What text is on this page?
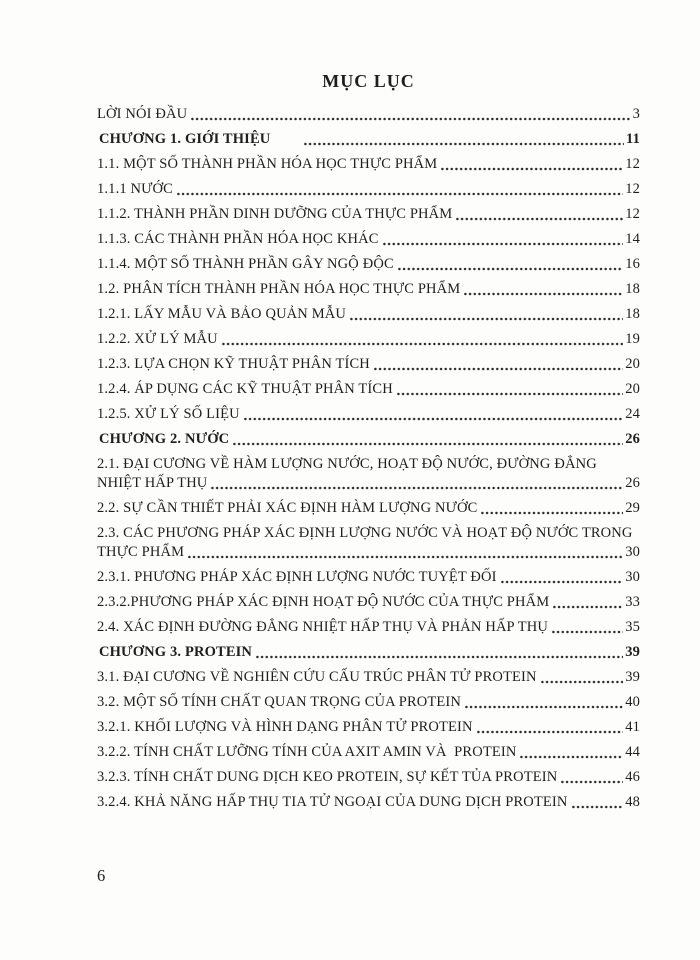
MỤC LỤC
LỜI NÓI ĐẦU	3
CHƯƠNG 1. GIỚI THIỆU	11
1.1. MỘT SỐ THÀNH PHẦN HÓA HỌC THỰC PHẨM	12
1.1.1 NƯỚC	12
1.1.2. THÀNH PHẦN DINH DƯỠNG CỦA THỰC PHẨM	12
1.1.3. CÁC THÀNH PHẦN HÓA HỌC KHÁC	14
1.1.4. MỘT SỐ THÀNH PHẦN GÂY NGỘ ĐỘC	16
1.2. PHÂN TÍCH THÀNH PHẦN HÓA HỌC THỰC PHẨM	18
1.2.1. LẤY MẪU VÀ BẢO QUẢN MẪU	18
1.2.2. XỬ LÝ MẪU	19
1.2.3. LỰA CHỌN KỸ THUẬT PHÂN TÍCH	20
1.2.4. ÁP DỤNG CÁC KỸ THUẬT PHÂN TÍCH	20
1.2.5. XỬ LÝ SỐ LIỆU	24
CHƯƠNG 2. NƯỚC	26
2.1. ĐẠI CƯƠNG VỀ HÀM LƯỢNG NƯỚC, HOẠT ĐỘ NƯỚC, ĐƯỜNG ĐẲNG
NHIỆT HẤP THỤ	26
2.2. SỰ CẦN THIẾT PHẢI XÁC ĐỊNH HÀM LƯỢNG NƯỚC	29
2.3. CÁC PHƯƠNG PHÁP XÁC ĐỊNH LƯỢNG NƯỚC VÀ HOẠT ĐỘ NƯỚC TRONG
THỰC PHẨM	30
2.3.1. PHƯƠNG PHÁP XÁC ĐỊNH LƯỢNG NƯỚC TUYỆT ĐỐI	30
2.3.2.PHƯƠNG PHÁP XÁC ĐỊNH HOẠT ĐỘ NƯỚC CỦA THỰC PHẨM	33
2.4. XÁC ĐỊNH ĐƯỜNG ĐẲNG NHIỆT HẤP THỤ VÀ PHẢN HẤP THỤ	35
CHƯƠNG 3. PROTEIN	39
3.1. ĐẠI CƯƠNG VỀ NGHIÊN CỨU CẤU TRÚC PHÂN TỬ PROTEIN	39
3.2. MỘT SỐ TÍNH CHẤT QUAN TRỌNG CỦA PROTEIN	40
3.2.1. KHỐI LƯỢNG VÀ HÌNH DẠNG PHÂN TỬ PROTEIN	41
3.2.2. TÍNH CHẤT LƯỠNG TÍNH CỦA AXIT AMIN VÀ  PROTEIN	44
3.2.3. TÍNH CHẤT DUNG DỊCH KEO PROTEIN, SỰ KẾT TỦA PROTEIN	46
3.2.4. KHẢ NĂNG HẤP THỤ TIA TỬ NGOẠI CỦA DUNG DỊCH PROTEIN	48
6
